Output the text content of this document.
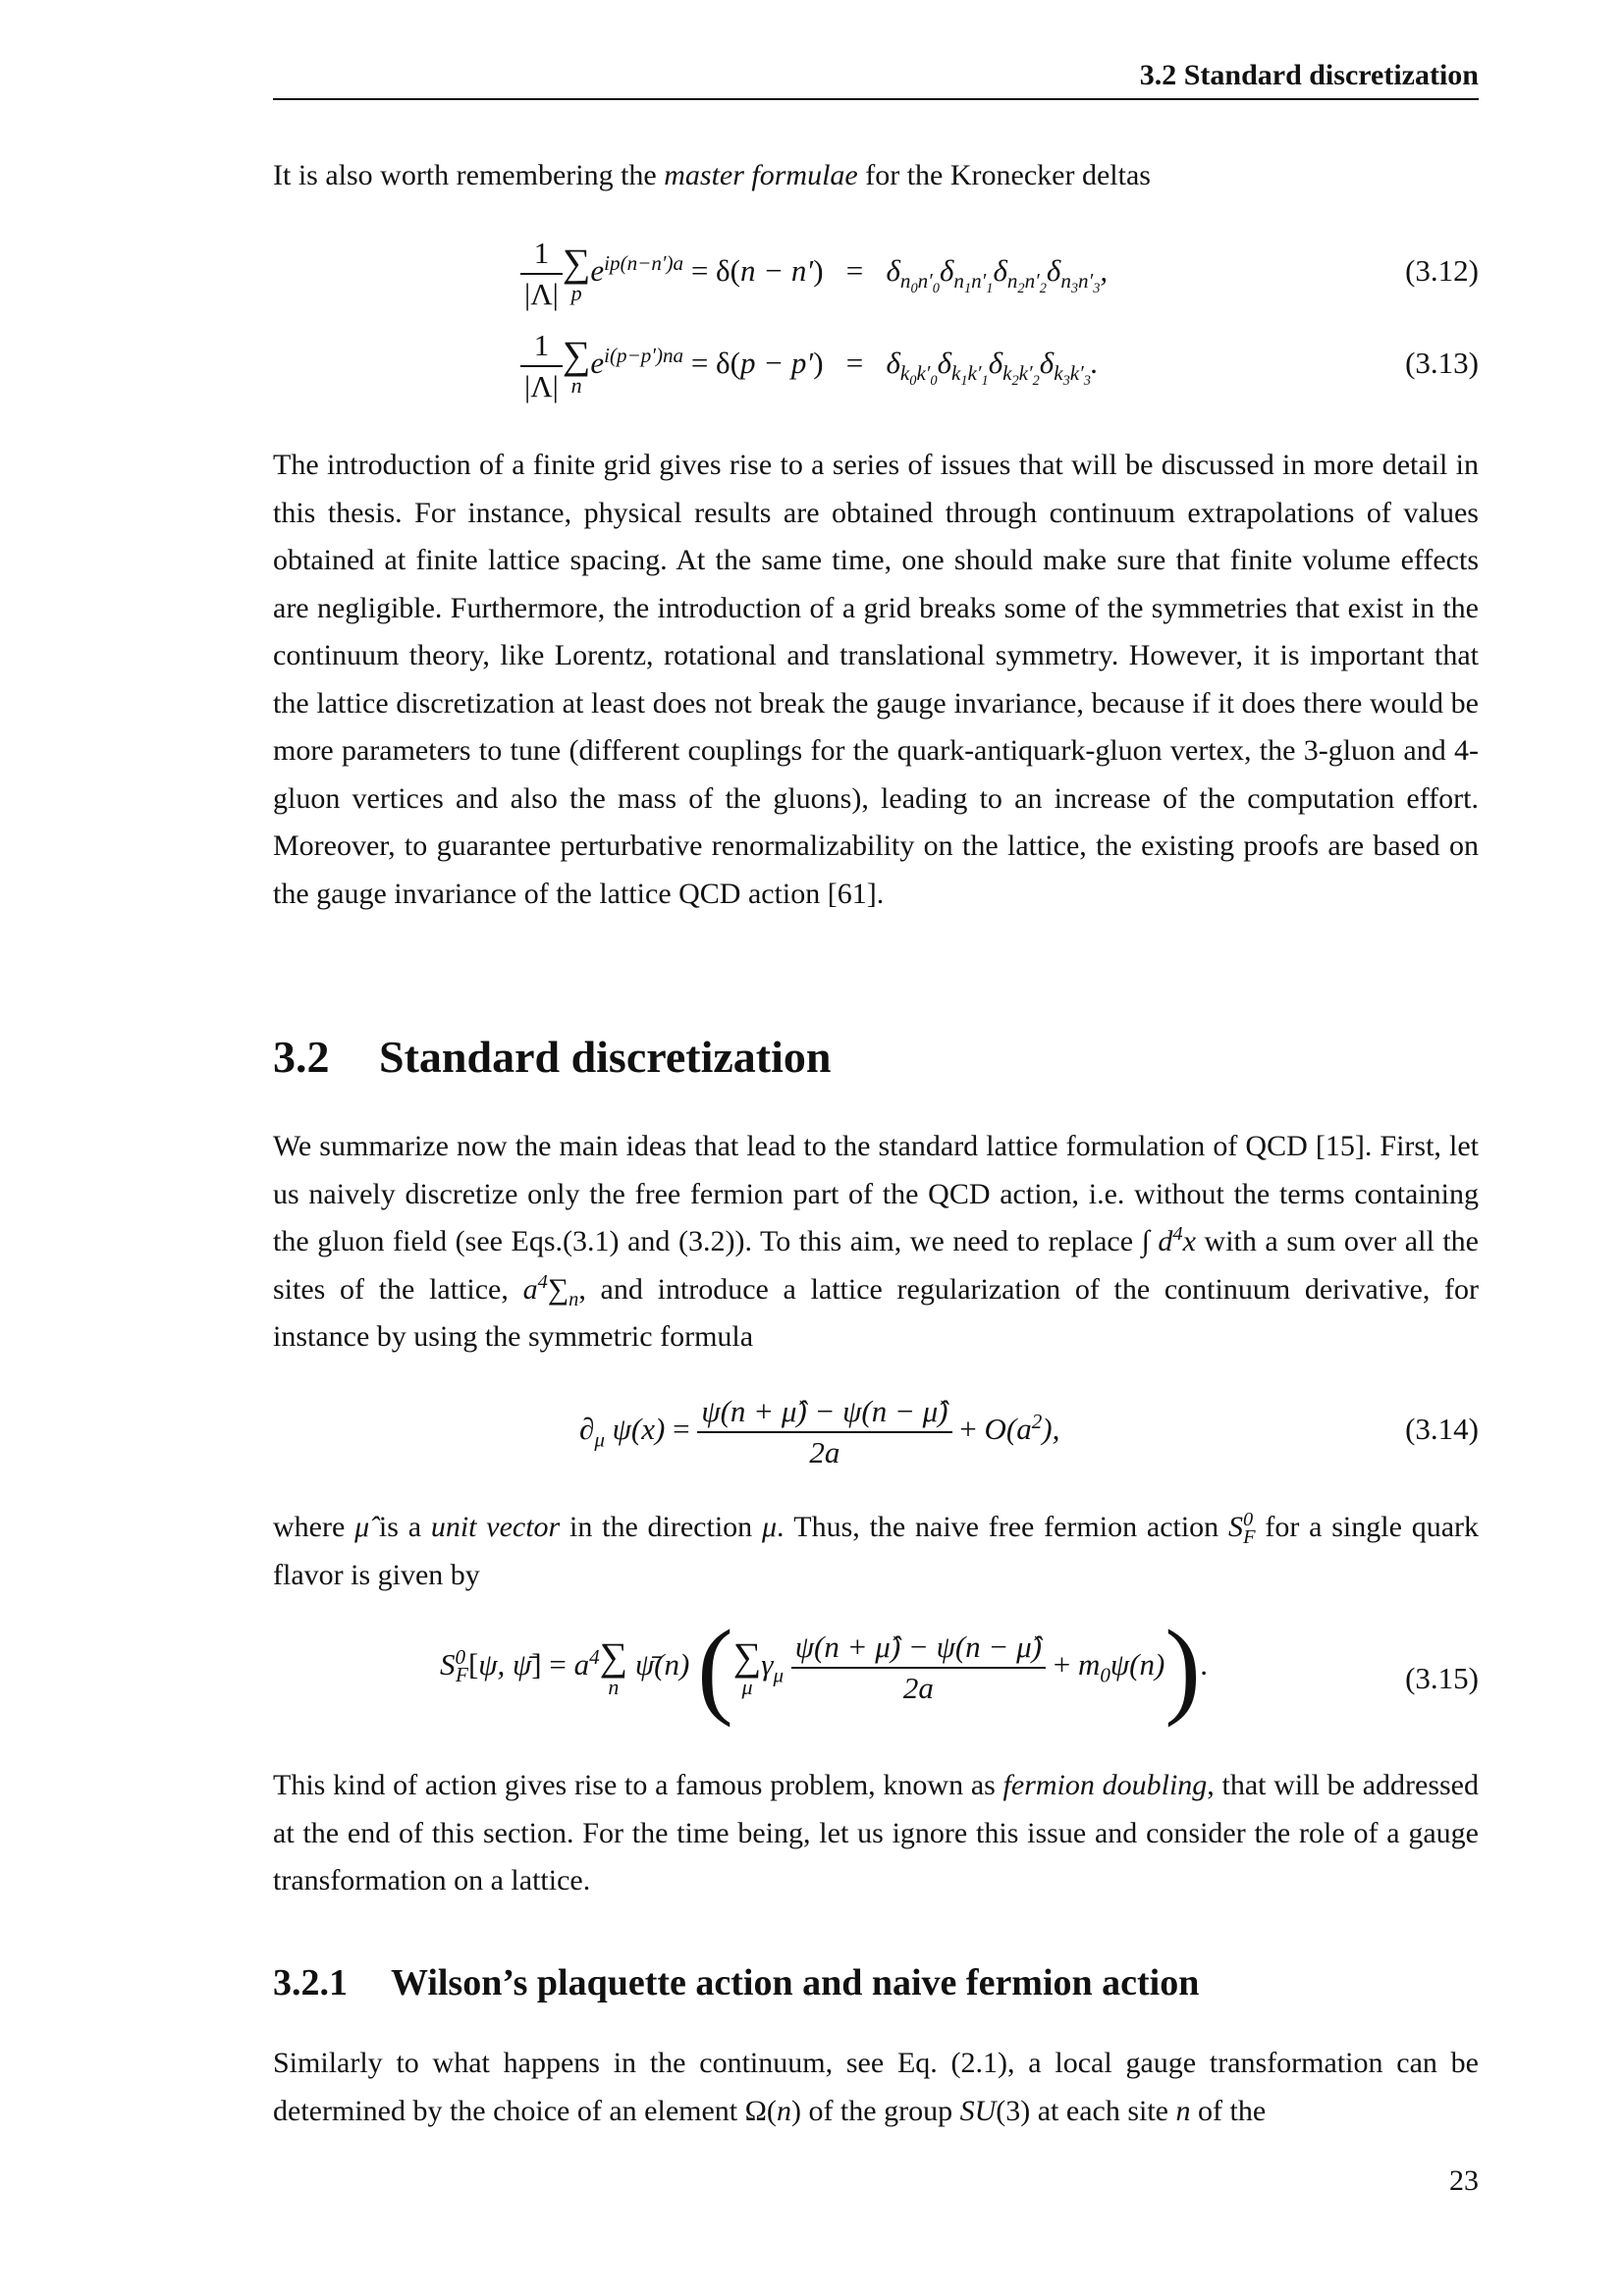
3.2 Standard discretization

It is also worth remembering the master formulae for the Kronecker deltas

$\frac{1}{|\Lambda|}$ ∑
p
$e^{ip(n-n')a} = \delta(n - n') = \delta_{n_0n'_0}\delta_{n_1n'_1}\delta_{n_2n'_2}\delta_{n_3n'_3}$,	(3.12)
$\frac{1}{|\Lambda|}$ ∑
n
$e^{i(p-p')na} = \delta(p - p') = \delta_{k_0k'_0}\delta_{k_1k'_1}\delta_{k_2k'_2}\delta_{k_3k'_3}$.	(3.13)

The introduction of a finite grid gives rise to a series of issues that will be discussed in more detail in this thesis. For instance, physical results are obtained through continuum extrapolations of values obtained at finite lattice spacing. At the same time, one should make sure that finite volume effects are negligible. Furthermore, the introduction of a grid breaks some of the symmetries that exist in the continuum theory, like Lorentz, rotational and translational symmetry. However, it is important that the lattice discretization at least does not break the gauge invariance, because if it does there would be more parameters to tune (different couplings for the quark-antiquark-gluon vertex, the 3-gluon and 4-gluon vertices and also the mass of the gluons), leading to an increase of the computation effort. Moreover, to guarantee perturbative renormalizability on the lattice, the existing proofs are based on the gauge invariance of the lattice QCD action [61].

3.2 Standard discretization

We summarize now the main ideas that lead to the standard lattice formulation of QCD [15]. First, let us naively discretize only the free fermion part of the QCD action, i.e. without the terms containing the gluon field (see Eqs.(3.1) and (3.2)). To this aim, we need to replace ∫ $d^4x$ with a sum over all the sites of the lattice, $a^4\sum_n$, and introduce a lattice regularization of the continuum derivative, for instance by using the symmetric formula

$\partial_\mu$ $\psi(x) = \frac{\psi(n + \mû) - \psi(n - \mû)}{2a} + O(a^2)$,	(3.14)

where μ̂ is a unit vector in the direction μ. Thus, the naive free fermion action $S^0_F$ for a single quark flavor is given by

$S^0_F[\psi$, ψ̄] = $a^4$ ∑
n
ψ̄(n) ( ∑
μ
$\gamma_\mu \frac{\psi(n + \mû) - \psi(n - \mû)}{2a} + m_0\psi(n)$).	(3.15)

This kind of action gives rise to a famous problem, known as fermion doubling, that will be addressed at the end of this section. For the time being, let us ignore this issue and consider the role of a gauge transformation on a lattice.

3.2.1 Wilson’s plaquette action and naive fermion action

Similarly to what happens in the continuum, see Eq. (2.1), a local gauge transformation can be determined by the choice of an element Ω(n) of the group SU(3) at each site n of the

23
